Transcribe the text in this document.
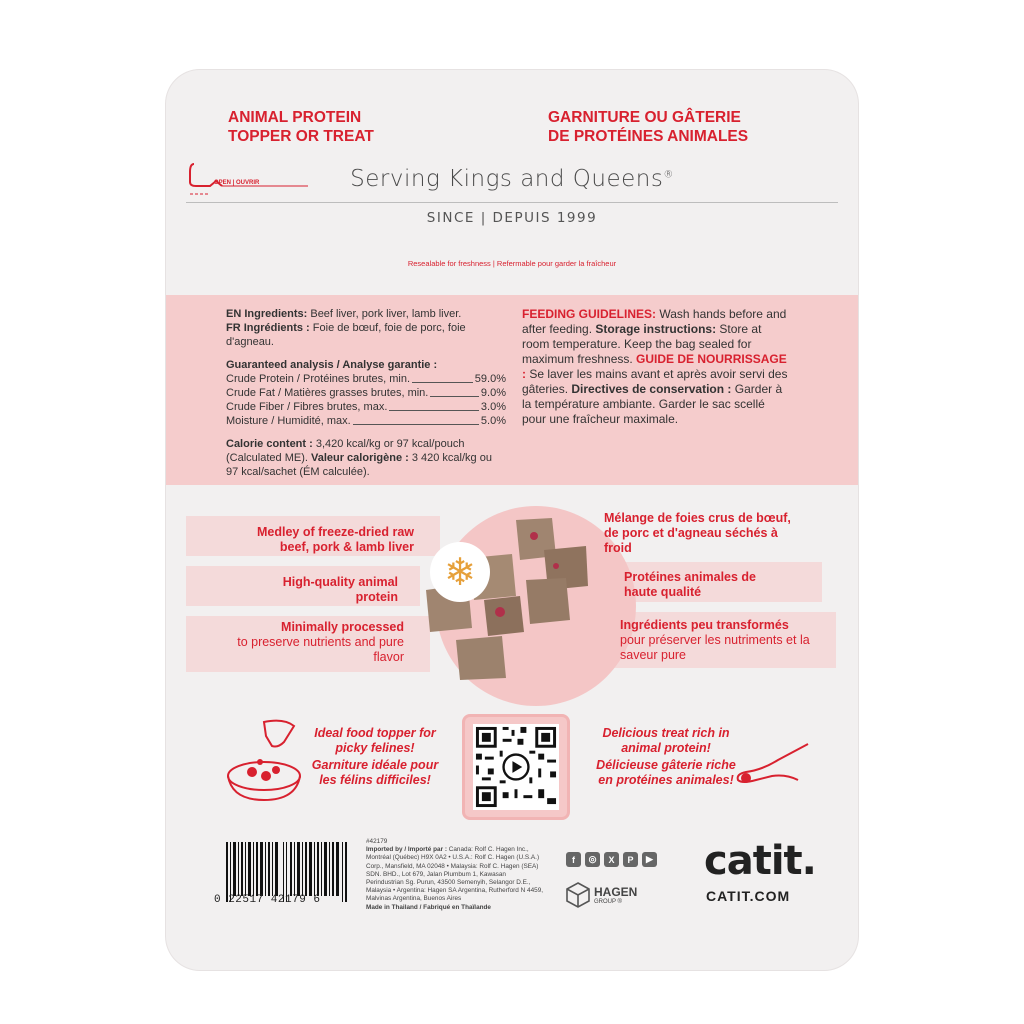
ANIMAL PROTEIN
TOPPER OR TREAT
GARNITURE OU GÂTERIE
DE PROTÉINES ANIMALES
OPEN | OUVRIR	Serving Kings and Queens®
SINCE | DEPUIS 1999
Resealable for freshness | Refermable pour garder la fraîcheur
EN Ingredients: Beef liver, pork liver, lamb liver.
FR Ingrédients : Foie de bœuf, foie de porc, foie d'agneau.
Guaranteed analysis / Analyse garantie :
Crude Protein / Protéines brutes, min.	59.0%
Crude Fat / Matières grasses brutes, min.	9.0%
Crude Fiber / Fibres brutes, max.	3.0%
Moisture / Humidité, max.	5.0%
Calorie content : 3,420 kcal/kg or 97 kcal/pouch (Calculated ME). Valeur calorigène : 3 420 kcal/kg ou 97 kcal/sachet (ÉM calculée).
FEEDING GUIDELINES: Wash hands before and after feeding. Storage instructions: Store at room temperature. Keep the bag sealed for maximum freshness. GUIDE DE NOURRISSAGE : Se laver les mains avant et après avoir servi des gâteries. Directives de conservation : Garder à la température ambiante. Garder le sac scellé pour une fraîcheur maximale.
❄
Medley of freeze-dried raw beef, pork & lamb liver
High-quality animal protein
Minimally processed
to preserve nutrients and pure flavor
Mélange de foies crus de bœuf, de porc et d'agneau séchés à froid
Protéines animales de haute qualité
Ingrédients peu transformés
pour préserver les nutriments et la saveur pure
Ideal food topper for picky felines!
Garniture idéale pour les félins difficiles!
Delicious treat rich in animal protein!
Délicieuse gâterie riche en protéines animales!
0 22517 42179 6
#42179
Imported by / Importé par : Canada: Rolf C. Hagen Inc., Montréal (Québec) H9X 0A2 • U.S.A.: Rolf C. Hagen (U.S.A.) Corp., Mansfield, MA 02048 • Malaysia: Rolf C. Hagen (SEA) SDN. BHD., Lot 679, Jalan Plumbum 1, Kawasan Perindustrian Sg. Purun, 43500 Semenyih, Selangor D.E., Malaysia • Argentina: Hagen SA Argentina, Rutherford N 4459, Malvinas Argentina, Buenos Aires
Made in Thailand / Fabriqué en Thaïlande
f	◎	X	P	▶
HAGEN
GROUP ®
catit.
CATIT.COM
